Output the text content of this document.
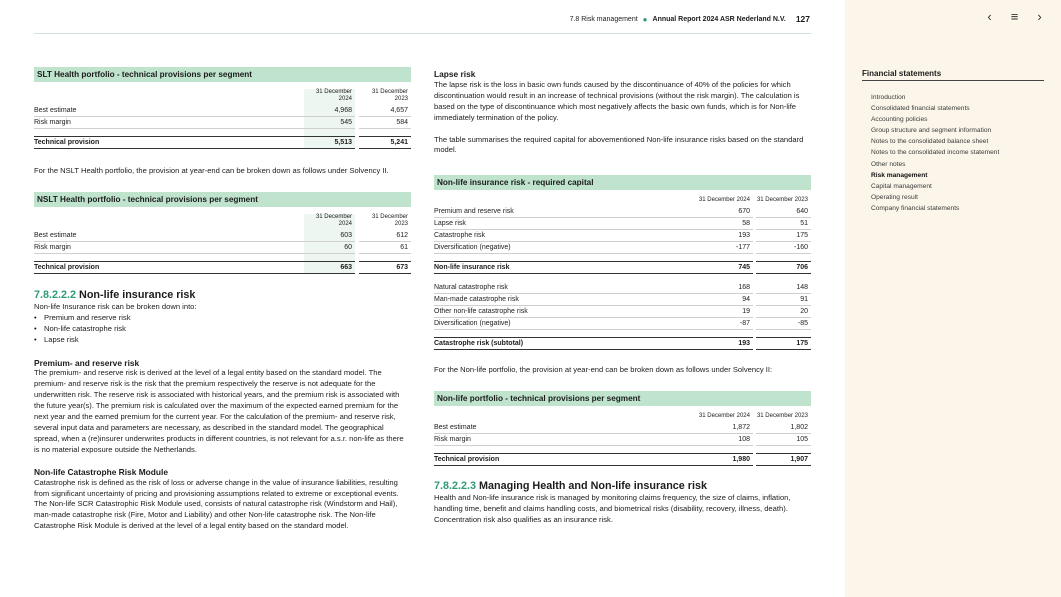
7.8 Risk management ● Annual Report 2024 ASR Nederland N.V. 127
SLT Health portfolio - technical provisions per segment
	31 December 2024		31 December 2023
Best estimate	4,968		4,657
Risk margin	545		584

Technical provision	5,513		5,241

For the NSLT Health portfolio, the provision at year-end can be broken down as follows under Solvency II.

NSLT Health portfolio - technical provisions per segment
	31 December 2024		31 December 2023
Best estimate	603		612
Risk margin	60		61

Technical provision	663		673
7.8.2.2.2 Non-life insurance risk

Non-life Insurance risk can be broken down into:

• Premium and reserve risk
• Non-life catastrophe risk
• Lapse risk

Premium- and reserve risk

The premium- and reserve risk is derived at the level of a legal entity based on the standard model. The premium- and reserve risk is the risk that the premium respectively the reserve is not adequate for the underwritten risk. The reserve risk is associated with historical years, and the premium risk is associated with the future year(s). The premium risk is calculated over the maximum of the expected earned premium for the next year and the earned premium for the current year. For the calculation of the premium- and reserve risk, several input data and parameters are necessary, as described in the standard model. The geographical spread, when a (re)insurer underwrites products in different countries, is not relevant for a.s.r. non-life as there is no material exposure outside the Netherlands.

Non-life Catastrophe Risk Module

Catastrophe risk is defined as the risk of loss or adverse change in the value of insurance liabilities, resulting from significant uncertainty of pricing and provisioning assumptions related to extreme or exceptional events. The Non-life SCR Catastrophic Risk Module used, consists of natural catastrophe risk (Windstorm and Hail), man-made catastrophe risk (Fire, Motor and Liability) and other Non-life catastrophe risk. The Non-life Catastrophe Risk Module is derived at the level of a legal entity based on the standard model.

Lapse risk

The lapse risk is the loss in basic own funds caused by the discontinuance of 40% of the policies for which discontinuation would result in an increase of technical provisions (without the risk margin). The calculation is based on the type of discontinuance which most negatively affects the basic own funds, which is for Non-life immediately termination of the policy.

The table summarises the required capital for abovementioned Non-life insurance risks based on the standard model.

Non-life insurance risk - required capital
	31 December 2024		31 December 2023
Premium and reserve risk	670		640
Lapse risk	58		51
Catastrophe risk	193		175
Diversification (negative)	-177		-160

Non-life insurance risk	745		706

Natural catastrophe risk	168		148
Man-made catastrophe risk	94		91
Other non-life catastrophe risk	19		20
Diversification (negative)	-87		-85

Catastrophe risk (subtotal)	193		175

For the Non-life portfolio, the provision at year-end can be broken down as follows under Solvency II:

Non-life portfolio - technical provisions per segment
	31 December 2024		31 December 2023
Best estimate	1,872		1,802
Risk margin	108		105

Technical provision	1,980		1,907
7.8.2.2.3 Managing Health and Non-life insurance risk

Health and Non-life insurance risk is managed by monitoring claims frequency, the size of claims, inflation, handling time, benefit and claims handling costs, and biometrical risks (disability, recovery, illness, death). Concentration risk also qualifies as an insurance risk.

‹	≡	›
Financial statements
Introduction
Consolidated financial statements
Accounting policies
Group structure and segment information
Notes to the consolidated balance sheet
Notes to the consolidated income statement
Other notes
Risk management
Capital management
Operating result
Company financial statements
